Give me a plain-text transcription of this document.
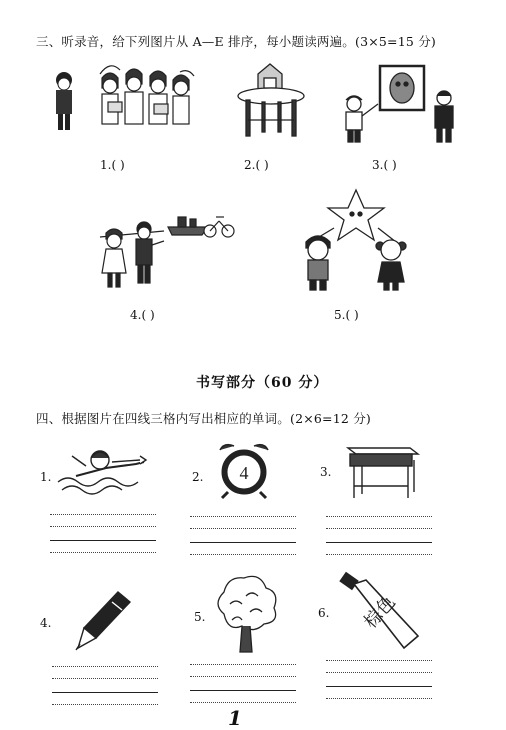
三、听录音，给下列图片从 A—E 排序，每小题读两遍。(3×5=15 分)
1.( )	2.( )	3.( )
4.( )	5.( )
书写部分（60 分）
四、根据图片在四线三格内写出相应的单词。(2×6=12 分)
1.	2. 4	3.
4.	5.	6. 棕色
1
